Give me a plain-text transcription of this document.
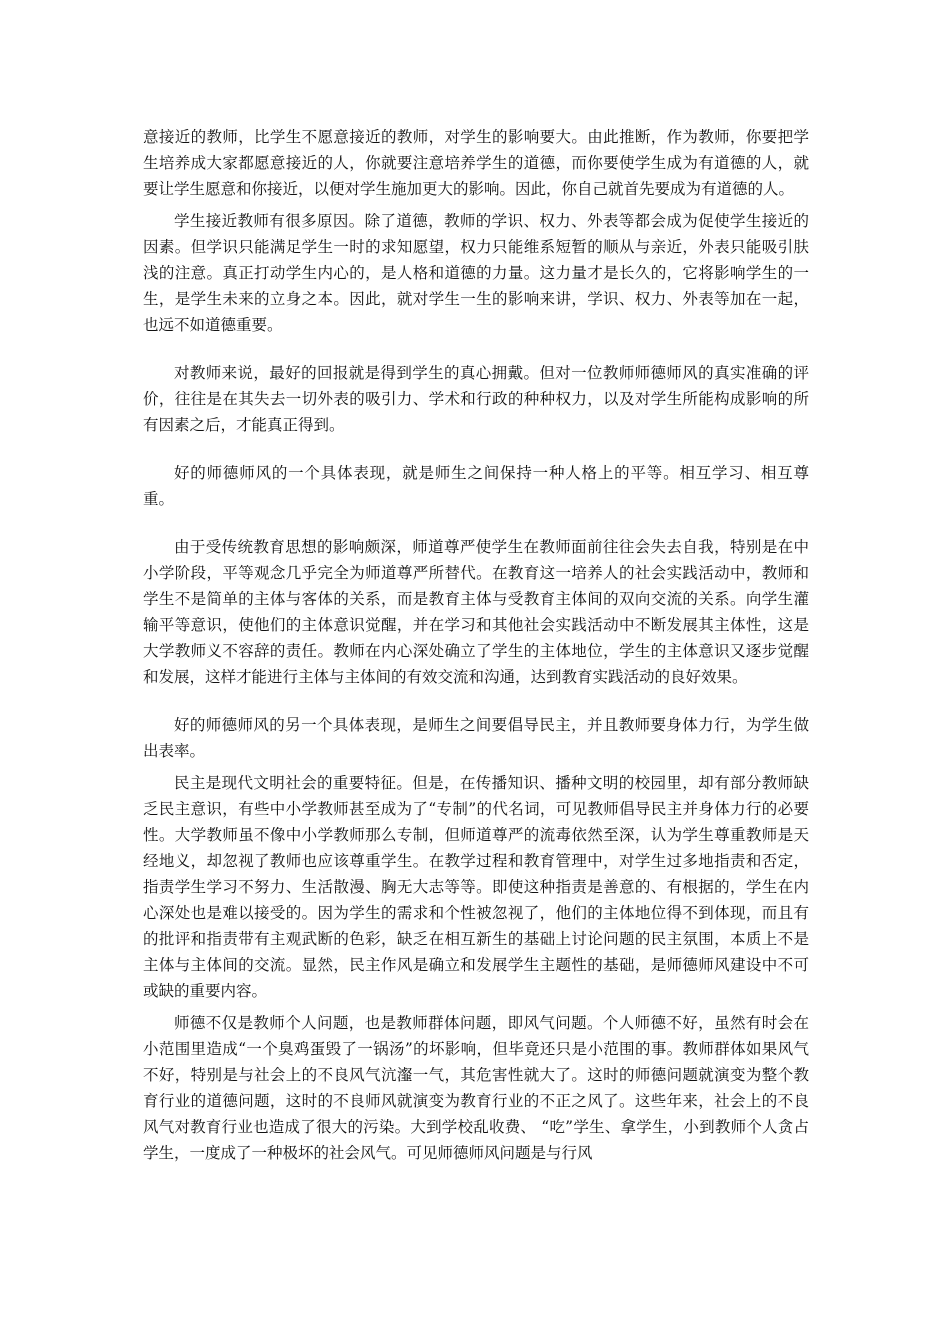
意接近的教师，比学生不愿意接近的教师，对学生的影响要大。由此推断，作为教师，你要把学生培养成大家都愿意接近的人，你就要注意培养学生的道德，而你要使学生成为有道德的人，就要让学生愿意和你接近，以便对学生施加更大的影响。因此，你自己就首先要成为有道德的人。

学生接近教师有很多原因。除了道德，教师的学识、权力、外表等都会成为促使学生接近的因素。但学识只能满足学生一时的求知愿望，权力只能维系短暂的顺从与亲近，外表只能吸引肤浅的注意。真正打动学生内心的，是人格和道德的力量。这力量才是长久的，它将影响学生的一生，是学生未来的立身之本。因此，就对学生一生的影响来讲，学识、权力、外表等加在一起，也远不如道德重要。

对教师来说，最好的回报就是得到学生的真心拥戴。但对一位教师师德师风的真实准确的评价，往往是在其失去一切外表的吸引力、学术和行政的种种权力，以及对学生所能构成影响的所有因素之后，才能真正得到。

好的师德师风的一个具体表现，就是师生之间保持一种人格上的平等。相互学习、相互尊重。

由于受传统教育思想的影响颇深，师道尊严使学生在教师面前往往会失去自我，特别是在中小学阶段，平等观念几乎完全为师道尊严所替代。在教育这一培养人的社会实践活动中，教师和学生不是简单的主体与客体的关系，而是教育主体与受教育主体间的双向交流的关系。向学生灌输平等意识，使他们的主体意识觉醒，并在学习和其他社会实践活动中不断发展其主体性，这是大学教师义不容辞的责任。教师在内心深处确立了学生的主体地位，学生的主体意识又逐步觉醒和发展，这样才能进行主体与主体间的有效交流和沟通，达到教育实践活动的良好效果。

好的师德师风的另一个具体表现，是师生之间要倡导民主，并且教师要身体力行，为学生做出表率。

民主是现代文明社会的重要特征。但是，在传播知识、播种文明的校园里，却有部分教师缺乏民主意识，有些中小学教师甚至成为了“专制”的代名词，可见教师倡导民主并身体力行的必要性。大学教师虽不像中小学教师那么专制，但师道尊严的流毒依然至深，认为学生尊重教师是天经地义，却忽视了教师也应该尊重学生。在教学过程和教育管理中，对学生过多地指责和否定，指责学生学习不努力、生活散漫、胸无大志等等。即使这种指责是善意的、有根据的，学生在内心深处也是难以接受的。因为学生的需求和个性被忽视了，他们的主体地位得不到体现，而且有的批评和指责带有主观武断的色彩，缺乏在相互新生的基础上讨论问题的民主氛围，本质上不是主体与主体间的交流。显然，民主作风是确立和发展学生主题性的基础，是师德师风建设中不可或缺的重要内容。

师德不仅是教师个人问题，也是教师群体问题，即风气问题。个人师德不好，虽然有时会在小范围里造成“一个臭鸡蛋毁了一锅汤”的坏影响，但毕竟还只是小范围的事。教师群体如果风气不好，特别是与社会上的不良风气沆瀣一气，其危害性就大了。这时的师德问题就演变为整个教育行业的道德问题，这时的不良师风就演变为教育行业的不正之风了。这些年来，社会上的不良风气对教育行业也造成了很大的污染。大到学校乱收费、 “吃”学生、拿学生，小到教师个人贪占学生，一度成了一种极坏的社会风气。可见师德师风问题是与行风
